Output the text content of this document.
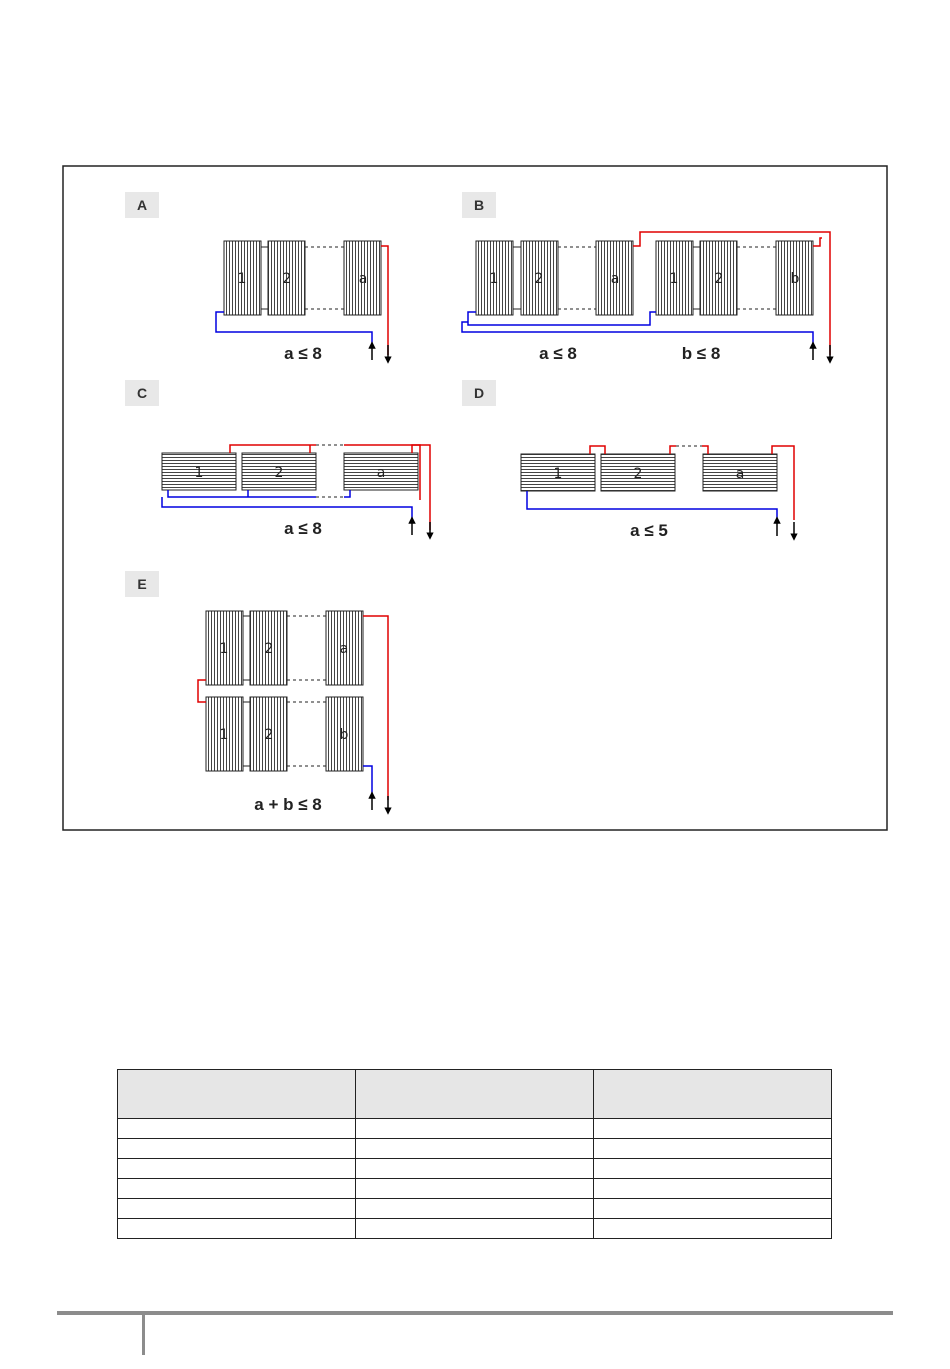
A
1	2	a
a ≤ 8
B
1	2	a	1	2	b
a ≤ 8	b ≤ 8
C
1	2	a
a ≤ 8
D
1	2	a
a ≤ 5
E
1	2	a
1	2	b
a + b ≤ 8
